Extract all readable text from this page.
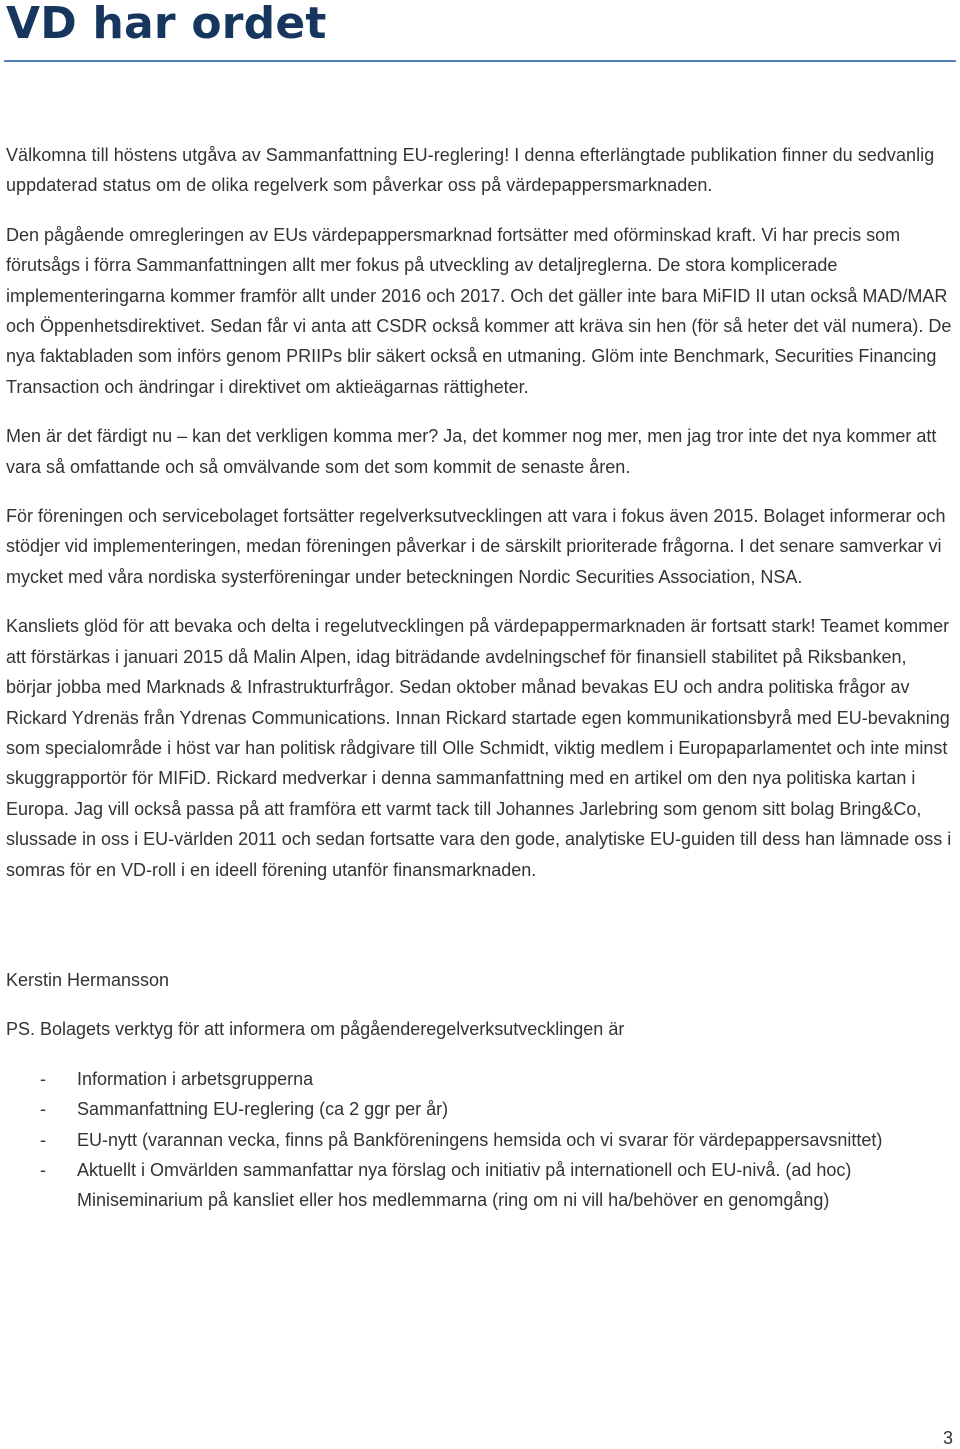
VD har ordet

Välkomna till höstens utgåva av Sammanfattning EU-reglering! I denna efterlängtade publikation finner du sedvanlig uppdaterad status om de olika regelverk som påverkar oss på värdepappersmarknaden.

Den pågående omregleringen av EUs värdepappersmarknad fortsätter med oförminskad kraft. Vi har precis som förutsågs i förra Sammanfattningen allt mer fokus på utveckling av detaljreglerna. De stora komplicerade implementeringarna kommer framför allt under 2016 och 2017. Och det gäller inte bara MiFID II utan också MAD/MAR och Öppenhetsdirektivet. Sedan får vi anta att CSDR också kommer att kräva sin hen (för så heter det väl numera). De nya faktabladen som införs genom PRIIPs blir säkert också en utmaning. Glöm inte Benchmark, Securities Financing Transaction och ändringar i direktivet om aktieägarnas rättigheter.

Men är det färdigt nu – kan det verkligen komma mer? Ja, det kommer nog mer, men jag tror inte det nya kommer att vara så omfattande och så omvälvande som det som kommit de senaste åren.

För föreningen och servicebolaget fortsätter regelverksutvecklingen att vara i fokus även 2015. Bolaget informerar och stödjer vid implementeringen, medan föreningen påverkar i de särskilt prioriterade frågorna. I det senare samverkar vi mycket med våra nordiska systerföreningar under beteckningen Nordic Securities Association, NSA.

Kansliets glöd för att bevaka och delta i regelutvecklingen på värdepappermarknaden är fortsatt stark! Teamet kommer att förstärkas i januari 2015 då Malin Alpen, idag biträdande avdelningschef för finansiell stabilitet på Riksbanken, börjar jobba med Marknads & Infrastrukturfrågor. Sedan oktober månad bevakas EU och andra politiska frågor av Rickard Ydrenäs från Ydrenas Communications. Innan Rickard startade egen kommunikationsbyrå med EU-bevakning som specialområde i höst var han politisk rådgivare till Olle Schmidt, viktig medlem i Europaparlamentet och inte minst skuggrapportör för MIFiD. Rickard medverkar i denna sammanfattning med en artikel om den nya politiska kartan i Europa. Jag vill också passa på att framföra ett varmt tack till Johannes Jarlebring som genom sitt bolag Bring&Co, slussade in oss i EU-världen 2011 och sedan fortsatte vara den gode, analytiske EU-guiden till dess han lämnade oss i somras för en VD-roll i en ideell förening utanför finansmarknaden.

Kerstin Hermansson

PS. Bolagets verktyg för att informera om pågåenderegelverksutvecklingen är

- Information i arbetsgrupperna
- Sammanfattning EU-reglering (ca 2 ggr per år)
- EU-nytt (varannan vecka, finns på Bankföreningens hemsida och vi svarar för värdepappersavsnittet)
- Aktuellt i Omvärlden sammanfattar nya förslag och initiativ på internationell och EU-nivå. (ad hoc) Miniseminarium på kansliet eller hos medlemmarna (ring om ni vill ha/behöver en genomgång)
3
